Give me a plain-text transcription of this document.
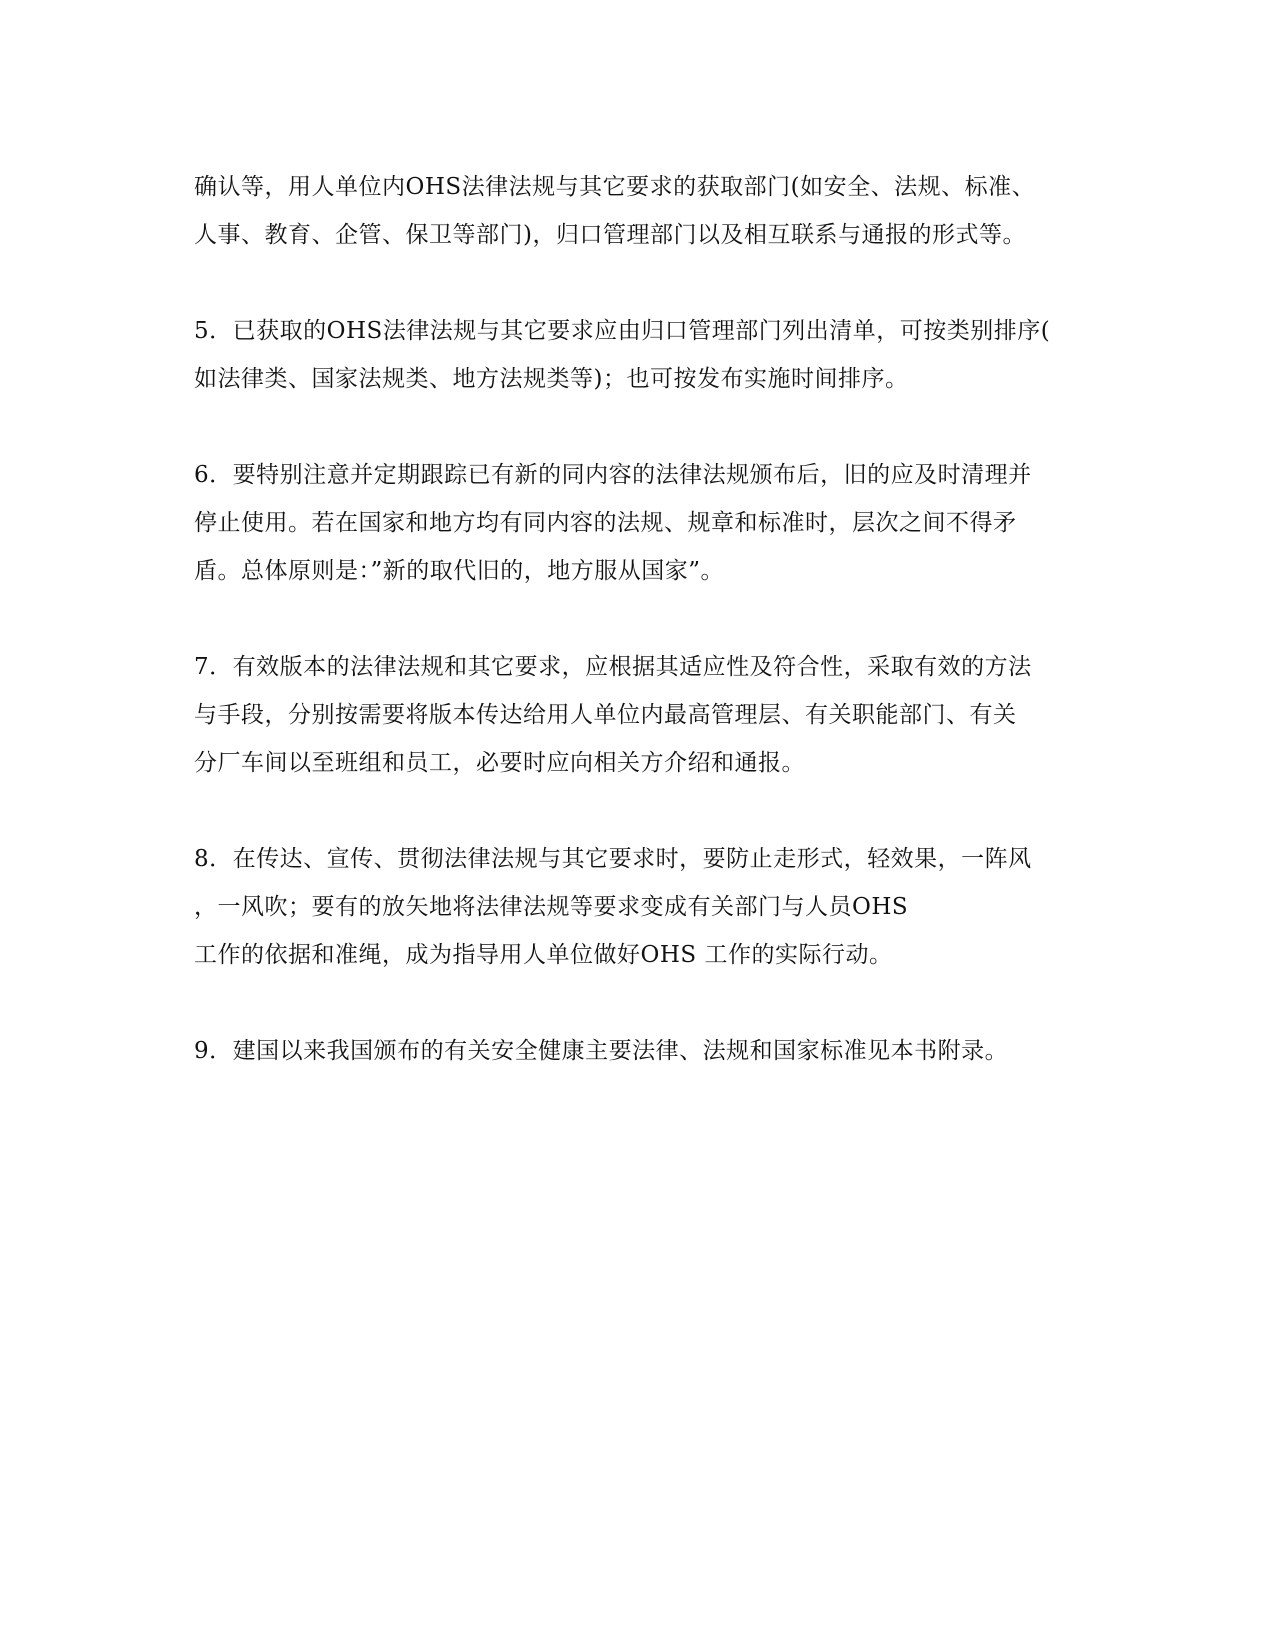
确认等，用人单位内OHS法律法规与其它要求的获取部门(如安全、法规、标准、
人事、教育、企管、保卫等部门)，归口管理部门以及相互联系与通报的形式等。

5．已获取的OHS法律法规与其它要求应由归口管理部门列出清单，可按类别排序(
如法律类、国家法规类、地方法规类等)；也可按发布实施时间排序。

6．要特别注意并定期跟踪已有新的同内容的法律法规颁布后，旧的应及时清理并
停止使用。若在国家和地方均有同内容的法规、规章和标准时，层次之间不得矛
盾。总体原则是：”新的取代旧的，地方服从国家”。

7．有效版本的法律法规和其它要求，应根据其适应性及符合性，采取有效的方法
与手段，分别按需要将版本传达给用人单位内最高管理层、有关职能部门、有关
分厂车间以至班组和员工，必要时应向相关方介绍和通报。

8．在传达、宣传、贯彻法律法规与其它要求时，要防止走形式，轻效果，一阵风
，一风吹；要有的放矢地将法律法规等要求变成有关部门与人员OHS
工作的依据和准绳，成为指导用人单位做好OHS 工作的实际行动。

9．建国以来我国颁布的有关安全健康主要法律、法规和国家标准见本书附录。
